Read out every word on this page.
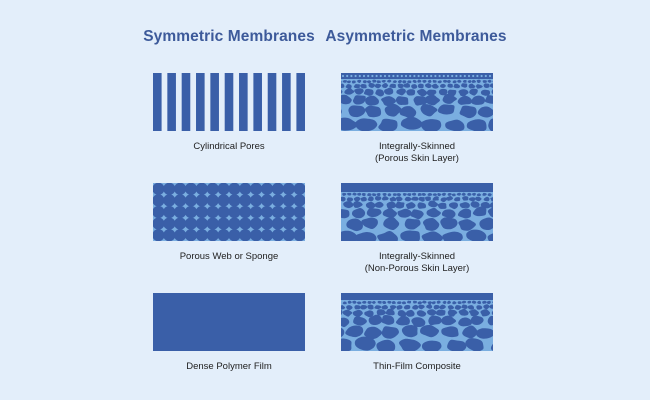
Symmetric Membranes Asymmetric Membranes
Cylindrical Pores
Porous Web or Sponge
Dense Polymer Film
Integrally-Skinned
(Porous Skin Layer)
Integrally-Skinned
(Non-Porous Skin Layer)
Thin-Film Composite
